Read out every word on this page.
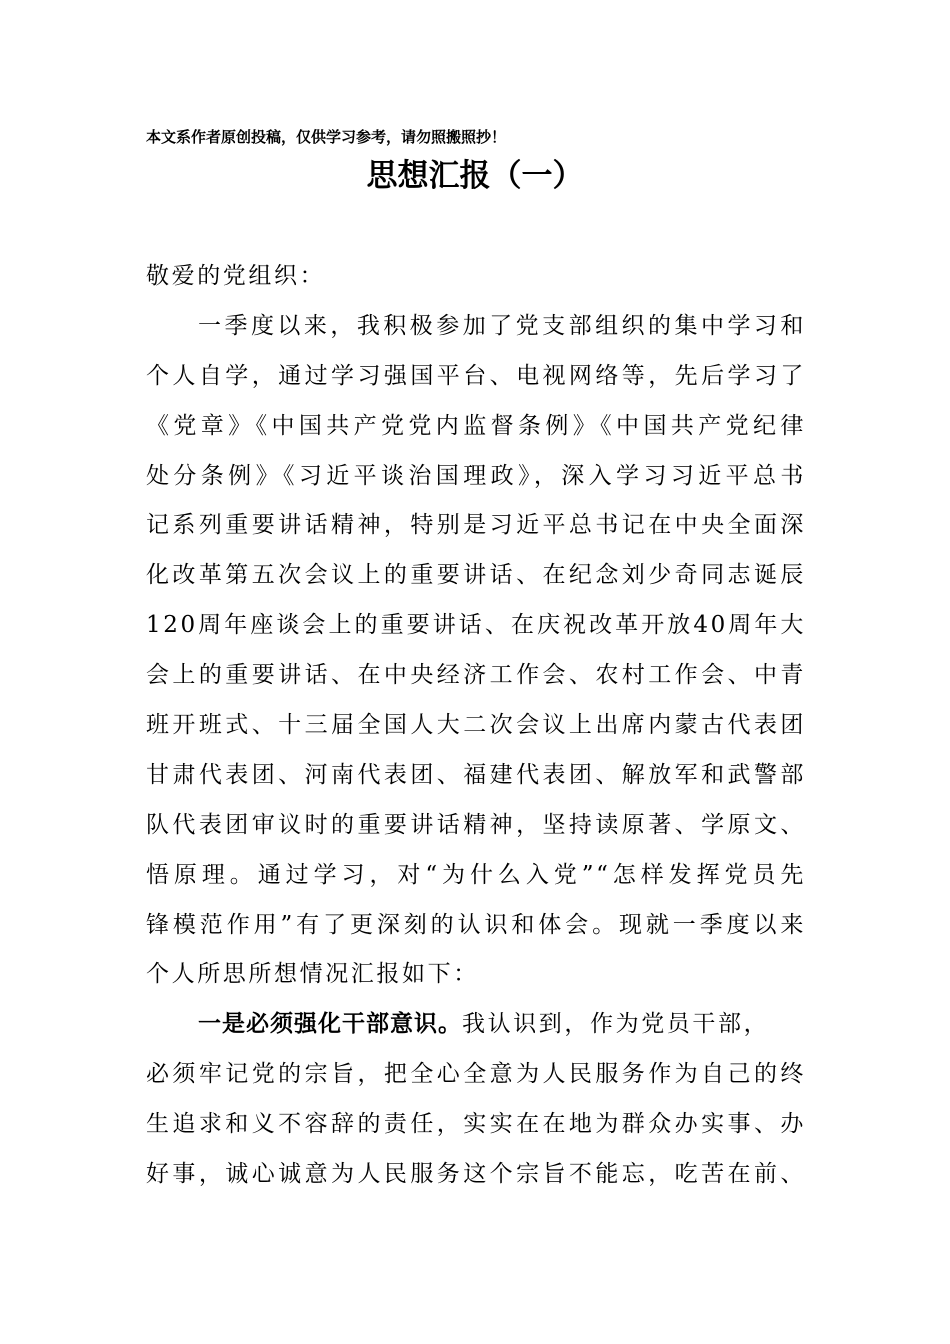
本文系作者原创投稿，仅供学习参考，请勿照搬照抄！
思想汇报（一）
敬爱的党组织：
一季度以来，我积极参加了党支部组织的集中学习和
个人自学，通过学习强国平台、电视网络等，先后学习了
《党章》《中国共产党党内监督条例》《中国共产党纪律
处分条例》《习近平谈治国理政》，深入学习习近平总书
记系列重要讲话精神，特别是习近平总书记在中央全面深
化改革第五次会议上的重要讲话、在纪念刘少奇同志诞辰
120周年座谈会上的重要讲话、在庆祝改革开放40周年大
会上的重要讲话、在中央经济工作会、农村工作会、中青
班开班式、十三届全国人大二次会议上出席内蒙古代表团
甘肃代表团、河南代表团、福建代表团、解放军和武警部
队代表团审议时的重要讲话精神，坚持读原著、学原文、
悟原理。通过学习，对“为什么入党”“怎样发挥党员先
锋模范作用”有了更深刻的认识和体会。现就一季度以来
个人所思所想情况汇报如下：
一是必须强化干部意识。我认识到，作为党员干部，
必须牢记党的宗旨，把全心全意为人民服务作为自己的终
生追求和义不容辞的责任，实实在在地为群众办实事、办
好事，诚心诚意为人民服务这个宗旨不能忘，吃苦在前、
